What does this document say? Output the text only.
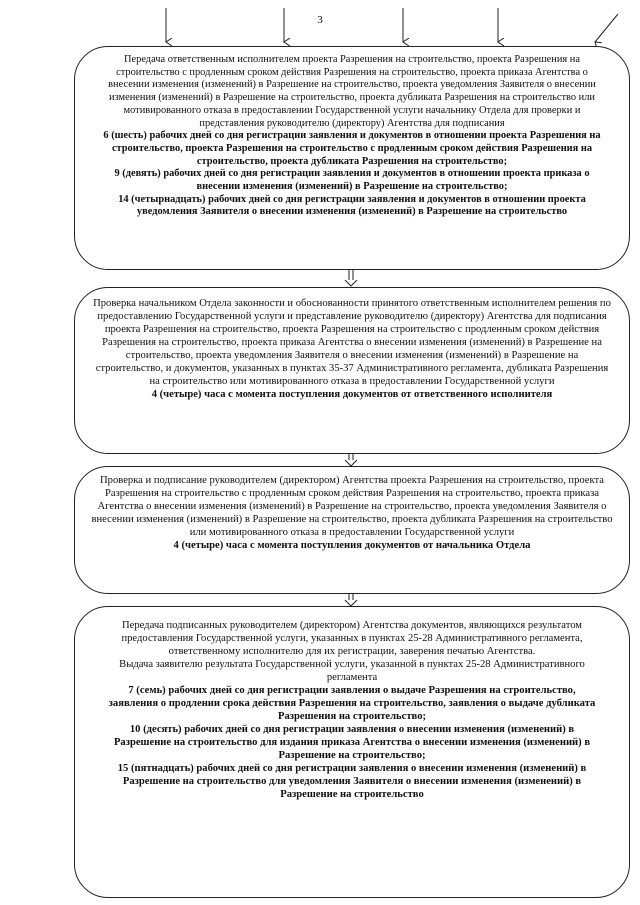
3

Передача ответственным исполнителем проекта Разрешения на строительство, проекта Разрешения на строительство с продленным сроком действия Разрешения на строительство, проекта приказа Агентства о внесении изменения (изменений) в Разрешение на строительство, проекта уведомления Заявителя о внесении изменения (изменений) в Разрешение на строительство, проекта дубликата Разрешения на строительство или мотивированного отказа в предоставлении Государственной услуги начальнику Отдела для проверки и представления руководителю (директору) Агентства для подписания

6 (шесть) рабочих дней со дня регистрации заявления и документов в отношении проекта Разрешения на строительство, проекта Разрешения на строительство с продленным сроком действия Разрешения на строительство, проекта дубликата Разрешения на строительство;

9 (девять) рабочих дней со дня регистрации заявления и документов в отношении проекта приказа о внесении изменения (изменений) в Разрешение на строительство;

14 (четырнадцать) рабочих дней со дня регистрации заявления и документов в отношении проекта уведомления Заявителя о внесении изменения (изменений) в Разрешение на строительство

Проверка начальником Отдела законности и обоснованности принятого ответственным исполнителем решения по предоставлению Государственной услуги и представление руководителю (директору) Агентства для подписания проекта Разрешения на строительство, проекта Разрешения на строительство с продленным сроком действия Разрешения на строительство, проекта приказа Агентства о внесении изменения (изменений) в Разрешение на строительство, проекта уведомления Заявителя о внесении изменения (изменений) в Разрешение на строительство, и документов, указанных в пунктах 35-37 Административного регламента, дубликата Разрешения на строительство или мотивированного отказа в предоставлении Государственной услуги

4 (четыре) часа с момента поступления документов от ответственного исполнителя

Проверка и подписание руководителем (директором) Агентства проекта Разрешения на строительство, проекта Разрешения на строительство с продленным сроком действия Разрешения на строительство, проекта приказа Агентства о внесении изменения (изменений) в Разрешение на строительство, проекта уведомления Заявителя о внесении изменения (изменений) в Разрешение на строительство, проекта дубликата Разрешения на строительство или мотивированного отказа в предоставлении Государственной услуги

4 (четыре) часа с момента поступления документов от начальника Отдела

Передача подписанных руководителем (директором) Агентства документов, являющихся результатом предоставления Государственной услуги, указанных в пунктах 25-28 Административного регламента, ответственному исполнителю для их регистрации, заверения печатью Агентства.

Выдача заявителю результата Государственной услуги, указанной в пунктах 25-28 Административного регламента

7 (семь) рабочих дней со дня регистрации заявления о выдаче Разрешения на строительство, заявления о продлении срока действия Разрешения на строительство, заявления о выдаче дубликата Разрешения на строительство;

10 (десять) рабочих дней со дня регистрации заявления о внесении изменения (изменений) в Разрешение на строительство для издания приказа Агентства о внесении изменения (изменений) в Разрешение на строительство;

15 (пятнадцать) рабочих дней со дня регистрации заявления о внесении изменения (изменений) в Разрешение на строительство для уведомления Заявителя о внесении изменения (изменений) в Разрешение на строительство
